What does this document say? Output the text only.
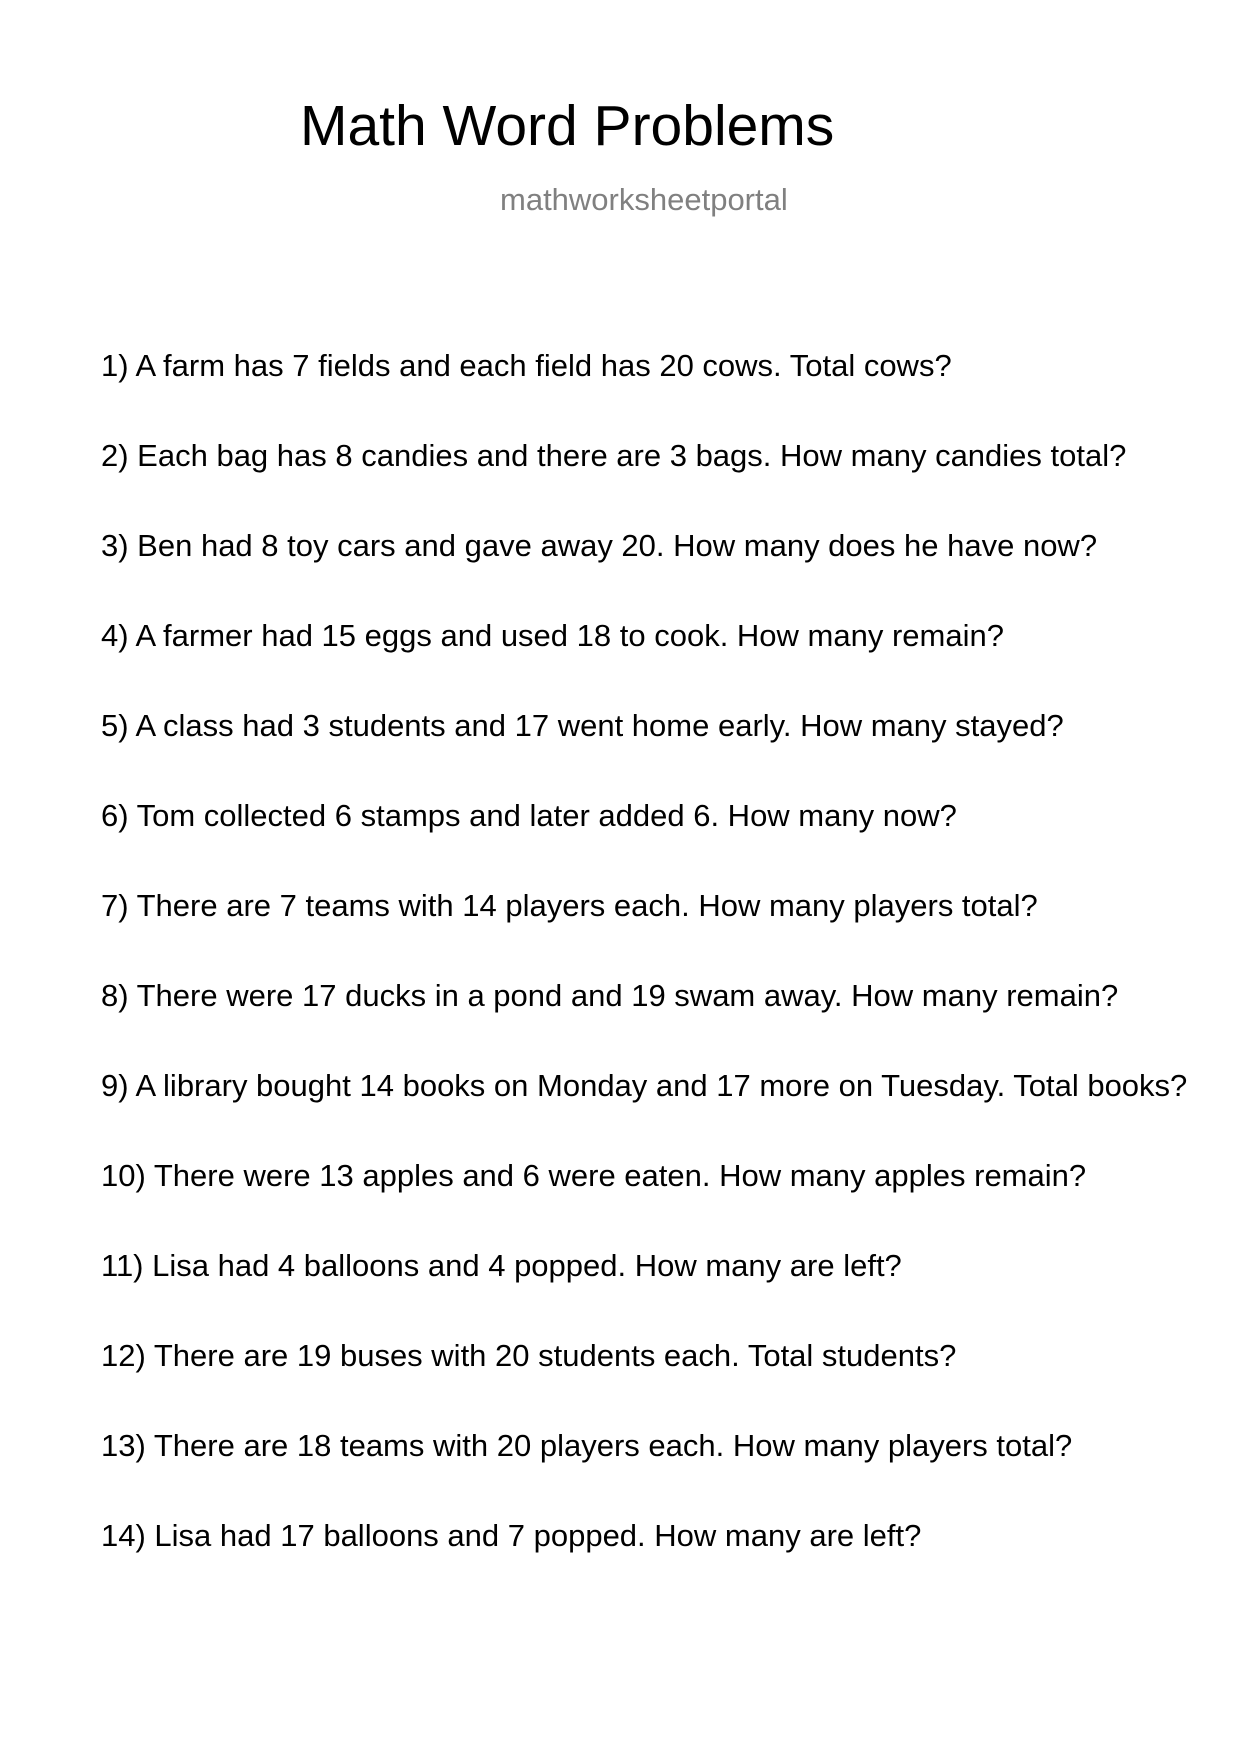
Math Word Problems
mathworksheetportal
1) A farm has 7 fields and each field has 20 cows. Total cows?
2) Each bag has 8 candies and there are 3 bags. How many candies total?
3) Ben had 8 toy cars and gave away 20. How many does he have now?
4) A farmer had 15 eggs and used 18 to cook. How many remain?
5) A class had 3 students and 17 went home early. How many stayed?
6) Tom collected 6 stamps and later added 6. How many now?
7) There are 7 teams with 14 players each. How many players total?
8) There were 17 ducks in a pond and 19 swam away. How many remain?
9) A library bought 14 books on Monday and 17 more on Tuesday. Total books?
10) There were 13 apples and 6 were eaten. How many apples remain?
11) Lisa had 4 balloons and 4 popped. How many are left?
12) There are 19 buses with 20 students each. Total students?
13) There are 18 teams with 20 players each. How many players total?
14) Lisa had 17 balloons and 7 popped. How many are left?
